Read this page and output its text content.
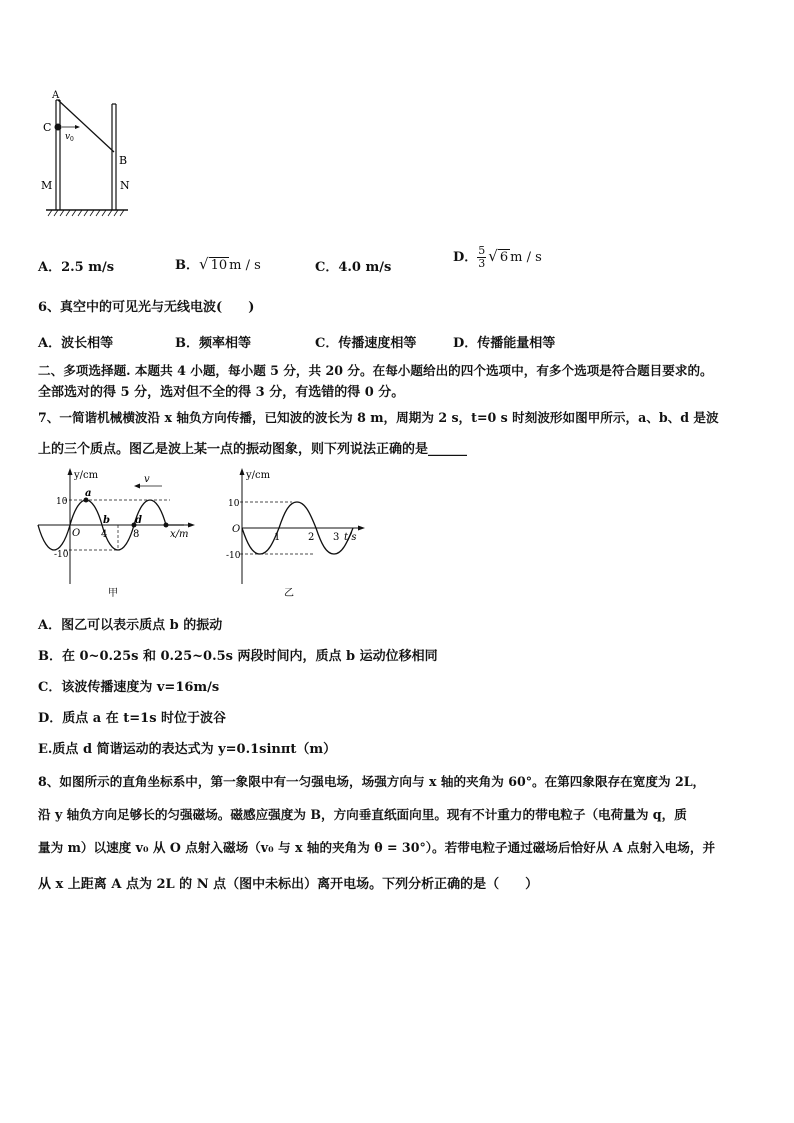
A
C
v 0
B
M	N
A．2.5 m/s	B．√ 10 m / s	C．4.0 m/s
D． $\frac{5}{3}$ √ 6 m / s
6、真空中的可见光与无线电波(　　)
A．波长相等	B．频率相等	C．传播速度相等	D．传播能量相等
二、多项选择题. 本题共 4 小题，每小题 5 分，共 20 分。在每小题给出的四个选项中，有多个选项是符合题目要求的。
全部选对的得 5 分，选对但不全的得 3 分，有选错的得 0 分。
7、一简谐机械横波沿 x 轴负方向传播，已知波的波长为 8 m，周期为 2 s，t=0 s 时刻波形如图甲所示，a、b、d 是波
上的三个质点。图乙是波上某一点的振动图象，则下列说法正确的是______
y/cm	v
10
-10
O 4	8
a
b	d
x/m
甲
y/cm
10
-10
O
1	2 3 t/s
乙
A．图乙可以表示质点 b 的振动
B．在 0~0.25s 和 0.25~0.5s 两段时间内，质点 b 运动位移相同
C．该波传播速度为 v=16m/s
D．质点 a 在 t=1s 时位于波谷
E.质点 d 简谐运动的表达式为 y=0.1sinπt（m）
8、如图所示的直角坐标系中，第一象限中有一匀强电场，场强方向与 x 轴的夹角为 60°。在第四象限存在宽度为 2L，
沿 y 轴负方向足够长的匀强磁场。磁感应强度为 B，方向垂直纸面向里。现有不计重力的带电粒子（电荷量为 q，质
量为 m）以速度 v₀ 从 O 点射入磁场（v₀ 与 x 轴的夹角为 θ = 30°）。若带电粒子通过磁场后恰好从 A 点射入电场，并
从 x 上距离 A 点为 2L 的 N 点（图中未标出）离开电场。下列分析正确的是（　　）
